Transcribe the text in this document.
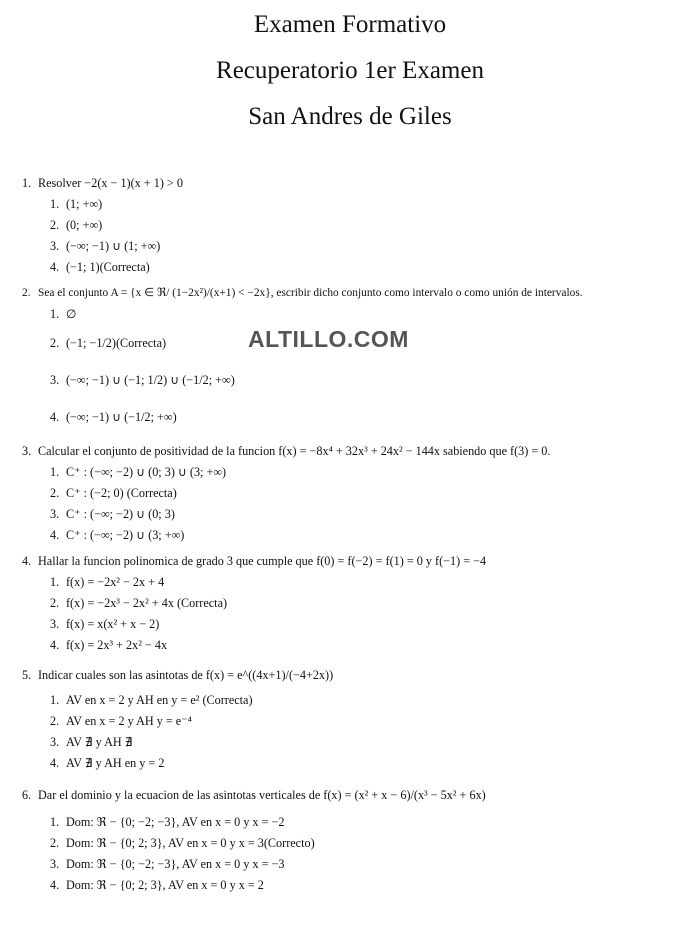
Examen Formativo
Recuperatorio 1er Examen
San Andres de Giles
ALTILLO.COM
1. Resolver −2(x − 1)(x + 1) > 0
1. (1; +∞)
2. (0; +∞)
3. (−∞; −1) ∪ (1; +∞)
4. (−1; 1)(Correcta)
2. Sea el conjunto A = {x ∈ ℜ/ (1−2x²)/(x+1) < −2x}, escribir dicho conjunto como intervalo o como unión de intervalos.
1. ∅
2. (−1; −1/2)(Correcta)
3. (−∞; −1) ∪ (−1; 1/2) ∪ (−1/2; +∞)
4. (−∞; −1) ∪ (−1/2; +∞)
3. Calcular el conjunto de positividad de la funcion f(x) = −8x⁴ + 32x³ + 24x² − 144x sabiendo que f(3) = 0.
1. C⁺ : (−∞; −2) ∪ (0; 3) ∪ (3; +∞)
2. C⁺ : (−2; 0) (Correcta)
3. C⁺ : (−∞; −2) ∪ (0; 3)
4. C⁺ : (−∞; −2) ∪ (3; +∞)
4. Hallar la funcion polinomica de grado 3 que cumple que f(0) = f(−2) = f(1) = 0 y f(−1) = −4
1. f(x) = −2x² − 2x + 4
2. f(x) = −2x³ − 2x² + 4x (Correcta)
3. f(x) = x(x² + x − 2)
4. f(x) = 2x³ + 2x² − 4x
5. Indicar cuales son las asintotas de f(x) = e^((4x+1)/(−4+2x))
1. AV en x = 2 y AH en y = e² (Correcta)
2. AV en x = 2 y AH y = e⁻⁴
3. AV ∄ y AH ∄
4. AV ∄ y AH en y = 2
6. Dar el dominio y la ecuacion de las asintotas verticales de f(x) = (x² + x − 6)/(x³ − 5x² + 6x)
1. Dom: ℜ − {0; −2; −3}, AV en x = 0 y x = −2
2. Dom: ℜ − {0; 2; 3}, AV en x = 0 y x = 3(Correcto)
3. Dom: ℜ − {0; −2; −3}, AV en x = 0 y x = −3
4. Dom: ℜ − {0; 2; 3}, AV en x = 0 y x = 2
